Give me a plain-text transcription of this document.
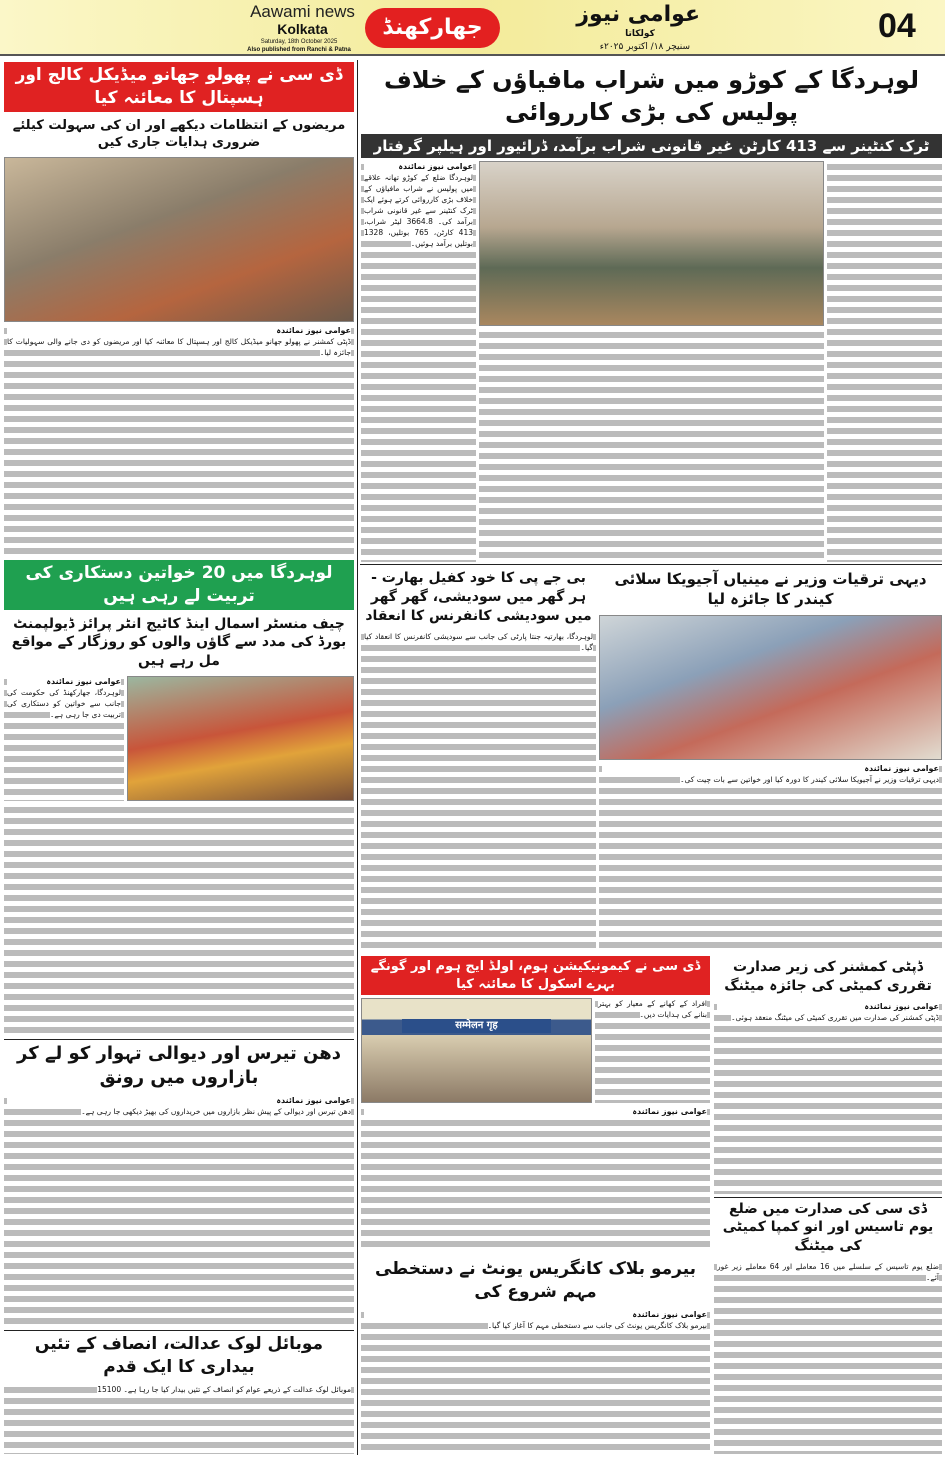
Aawami news
Kolkata
Saturday, 18th October 2025
Also published from Ranchi & Patna
جھارکھنڈ
عوامی نیوز
کولکاتا
سنیچر ۱۸/ اکتوبر ۲۰۲۵ء
04
ڈی سی نے پھولو جھانو میڈیکل کالج اور ہسپتال کا معائنہ کیا
مریضوں کے انتظامات دیکھے اور ان کی سہولت کیلئے ضروری ہدایات جاری کیں
عوامی نیوز نمائندہ
ڈپٹی کمشنر نے پھولو جھانو میڈیکل کالج اور ہسپتال کا معائنہ کیا اور مریضوں کو دی جانے والی سہولیات کا جائزہ لیا۔
لوہردگا میں 20 خواتین دستکاری کی تربیت لے رہی ہیں
چیف منسٹر اسمال اینڈ کاٹیج انٹر پرائز ڈیولپمنٹ بورڈ کی مدد سے گاؤں والوں کو روزگار کے مواقع مل رہے ہیں
عوامی نیوز نمائندہ
لوہردگا، جھارکھنڈ کی حکومت کی جانب سے خواتین کو دستکاری کی تربیت دی جا رہی ہے۔
دھن تیرس اور دیوالی تہوار کو لے کر بازاروں میں رونق
عوامی نیوز نمائندہ
دھن تیرس اور دیوالی کے پیش نظر بازاروں میں خریداروں کی بھیڑ دیکھی جا رہی ہے۔
موبائل لوک عدالت، انصاف کے تئیں بیداری کا ایک قدم
موبائل لوک عدالت کے ذریعے عوام کو انصاف کے تئیں بیدار کیا جا رہا ہے۔ 15100
لوہردگا کے کوڑو میں شراب مافیاؤں کے خلاف پولیس کی بڑی کارروائی
ٹرک کنٹینر سے 413 کارٹن غیر قانونی شراب برآمد، ڈرائیور اور ہیلپر گرفتار
عوامی نیوز نمائندہ
لوہردگا ضلع کے کوڑو تھانہ علاقے میں پولیس نے شراب مافیاؤں کے خلاف بڑی کارروائی کرتے ہوئے ایک ٹرک کنٹینر سے غیر قانونی شراب برآمد کی۔ 3664.8 لیٹر شراب، 413 کارٹن، 765 بوتلیں، 1328 بوتلیں برآمد ہوئیں۔
بی جے پی کا خود کفیل بھارت - ہر گھر میں سودیشی، گھر گھر میں سودیشی کانفرنس کا انعقاد
لوہردگا، بھارتیہ جنتا پارٹی کی جانب سے سودیشی کانفرنس کا انعقاد کیا گیا۔
دیہی ترقیات وزیر نے مینیاں آجیویکا سلائی کیندر کا جائزہ لیا
عوامی نیوز نمائندہ
دیہی ترقیات وزیر نے آجیویکا سلائی کیندر کا دورہ کیا اور خواتین سے بات چیت کی۔
ڈی سی نے کیمونیکیشن ہوم، اولڈ ایج ہوم اور گونگے بہرے اسکول کا معائنہ کیا
सम्मेलन गृह
افراد کے کھانے کے معیار کو بہتر بنانے کی ہدایات دیں۔
عوامی نیوز نمائندہ
ڈپٹی کمشنر کی زیر صدارت تقرری کمیٹی کی جائزہ میٹنگ
عوامی نیوز نمائندہ
ڈپٹی کمشنر کی صدارت میں تقرری کمیٹی کی میٹنگ منعقد ہوئی۔
ڈی سی کی صدارت میں ضلع یوم تاسیس اور انو کمپا کمیٹی کی میٹنگ
ضلع یوم تاسیس کے سلسلے میں 16 معاملے اور 64 معاملے زیر غور آئے۔
بیرمو بلاک کانگریس یونٹ نے دستخطی مہم شروع کی
عوامی نیوز نمائندہ
بیرمو بلاک کانگریس یونٹ کی جانب سے دستخطی مہم کا آغاز کیا گیا۔
